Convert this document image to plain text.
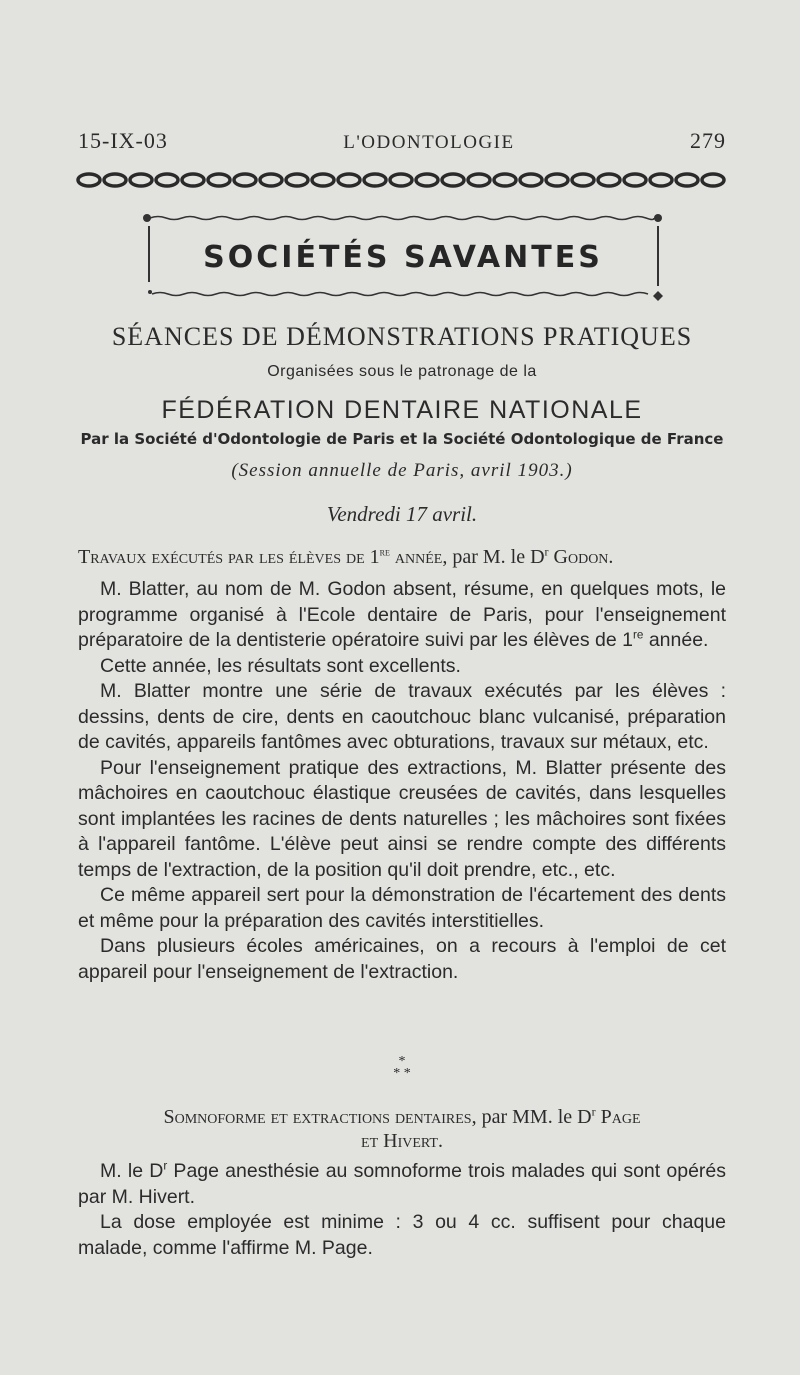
15-IX-03	L'ODONTOLOGIE	279
SOCIÉTÉS SAVANTES
SÉANCES DE DÉMONSTRATIONS PRATIQUES
Organisées sous le patronage de la
FÉDÉRATION DENTAIRE NATIONALE
Par la Société d'Odontologie de Paris et la Société Odontologique de France
(Session annuelle de Paris, avril 1903.)
Vendredi 17 avril.
Travaux exécutés par les élèves de 1re année, par M. le $D^r$ Godon.

M. Blatter, au nom de M. Godon absent, résume, en quelques mots, le programme organisé à l'Ecole dentaire de Paris, pour l'enseignement préparatoire de la dentisterie opératoire suivi par les élèves de 1re année.

Cette année, les résultats sont excellents.

M. Blatter montre une série de travaux exécutés par les élèves : dessins, dents de cire, dents en caoutchouc blanc vulcanisé, préparation de cavités, appareils fantômes avec obturations, travaux sur métaux, etc.

Pour l'enseignement pratique des extractions, M. Blatter présente des mâchoires en caoutchouc élastique creusées de cavités, dans lesquelles sont implantées les racines de dents naturelles ; les mâchoires sont fixées à l'appareil fantôme. L'élève peut ainsi se rendre compte des différents temps de l'extraction, de la position qu'il doit prendre, etc., etc.

Ce même appareil sert pour la démonstration de l'écartement des dents et même pour la préparation des cavités interstitielles.

Dans plusieurs écoles américaines, on a recours à l'emploi de cet appareil pour l'enseignement de l'extraction.

*
* *
Somnoforme et extractions dentaires, par MM. le $D^r$ Page
et Hivert.

M. le $D^r$ Page anesthésie au somnoforme trois malades qui sont opérés par M. Hivert.

La dose employée est minime : 3 ou 4 cc. suffisent pour chaque malade, comme l'affirme M. Page.
